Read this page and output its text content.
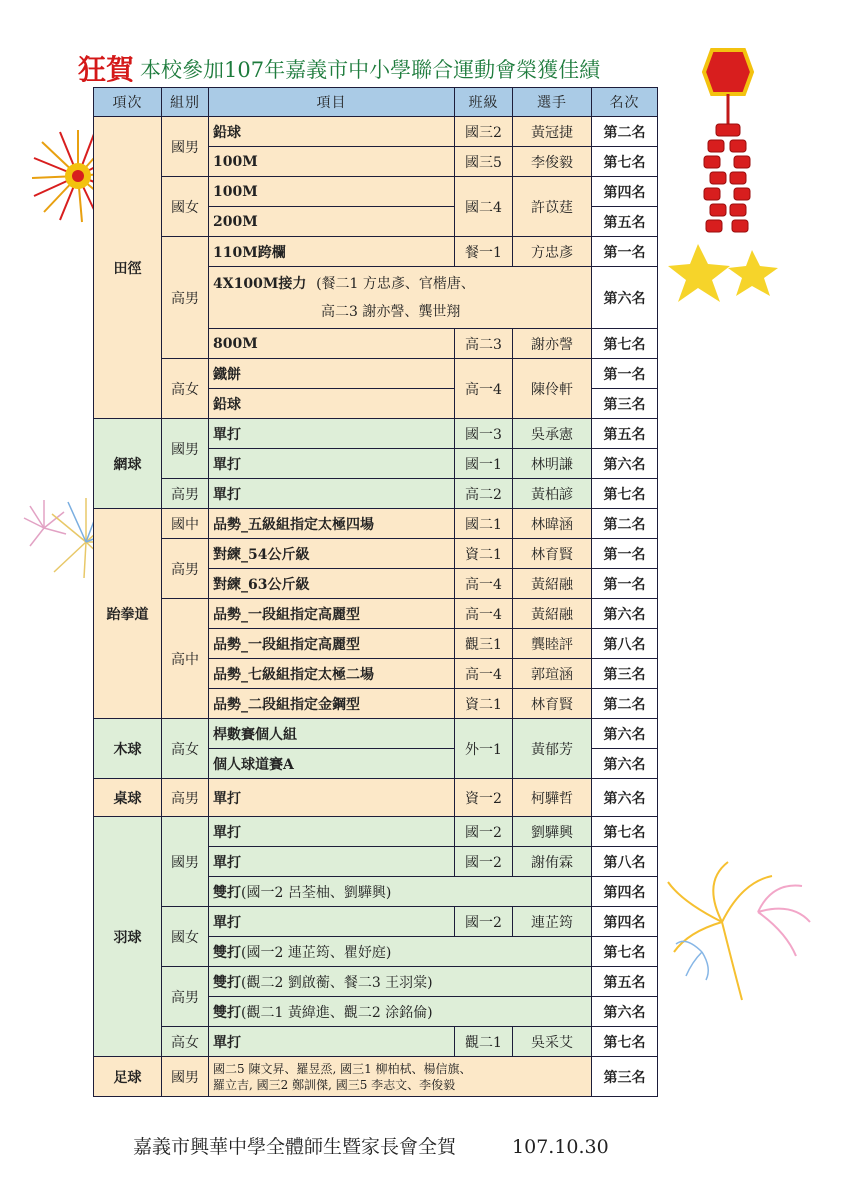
狂賀 本校參加107年嘉義市中小學聯合運動會榮獲佳績
項次	組別	項目	班級	選手	名次
田徑	國男	鉛球	國三2	黃冠捷	第二名
		100M	國三5	李俊毅	第七名
	國女	100M	國二4	許苡莛	第四名
		200M			第五名
	高男	110M跨欄	餐一1	方忠彥	第一名

		4X100M接力 (餐二1 方忠彥、官楷唐、
高二3 謝亦謦、龔世翔			第六名
		800M	高二3	謝亦謦	第七名
	高女	鐵餅	高一4	陳伶軒	第一名
		鉛球			第三名
網球	國男	單打	國一3	吳承憲	第五名
		單打	國一1	林明謙	第六名
	高男	單打	高二2	黃柏諺	第七名
跆拳道	國中	品勢_五級組指定太極四場	國二1	林暐涵	第二名
	高男	對練_54公斤級	資二1	林育賢	第一名
		對練_63公斤級	高一4	黃紹融	第一名
	高中	品勢_一段組指定高麗型	高一4	黃紹融	第六名
		品勢_一段組指定高麗型	觀三1	龔睦評	第八名
		品勢_七級組指定太極二場	高一4	郭瑄涵	第三名
		品勢_二段組指定金鋼型	資二1	林育賢	第二名
木球	高女	桿數賽個人組	外一1	黃郁芳	第六名
		個人球道賽A			第六名
桌球	高男	單打	資一2	柯驊哲	第六名
羽球	國男	單打	國一2	劉驊興	第七名
		單打	國一2	謝侑霖	第八名
		雙打(國一2 呂荃柚、劉驊興)			第四名
	國女	單打	國一2	連芷筠	第四名
		雙打(國一2 連芷筠、瞿妤庭)			第七名
	高男	雙打(觀二2 劉啟蘅、餐二3 王羽棠)			第五名
		雙打(觀二1 黃緯進、觀二2 涂銘倫)			第六名
	高女	單打	觀二1	吳采艾	第七名
足球	國男	國二5 陳文昇、羅昱烝, 國三1 柳柏栻、楊信旗、
羅立吉, 國三2 鄭訓傑, 國三5 李志文、李俊毅			第三名
嘉義市興華中學全體師生暨家長會全賀	107.10.30
